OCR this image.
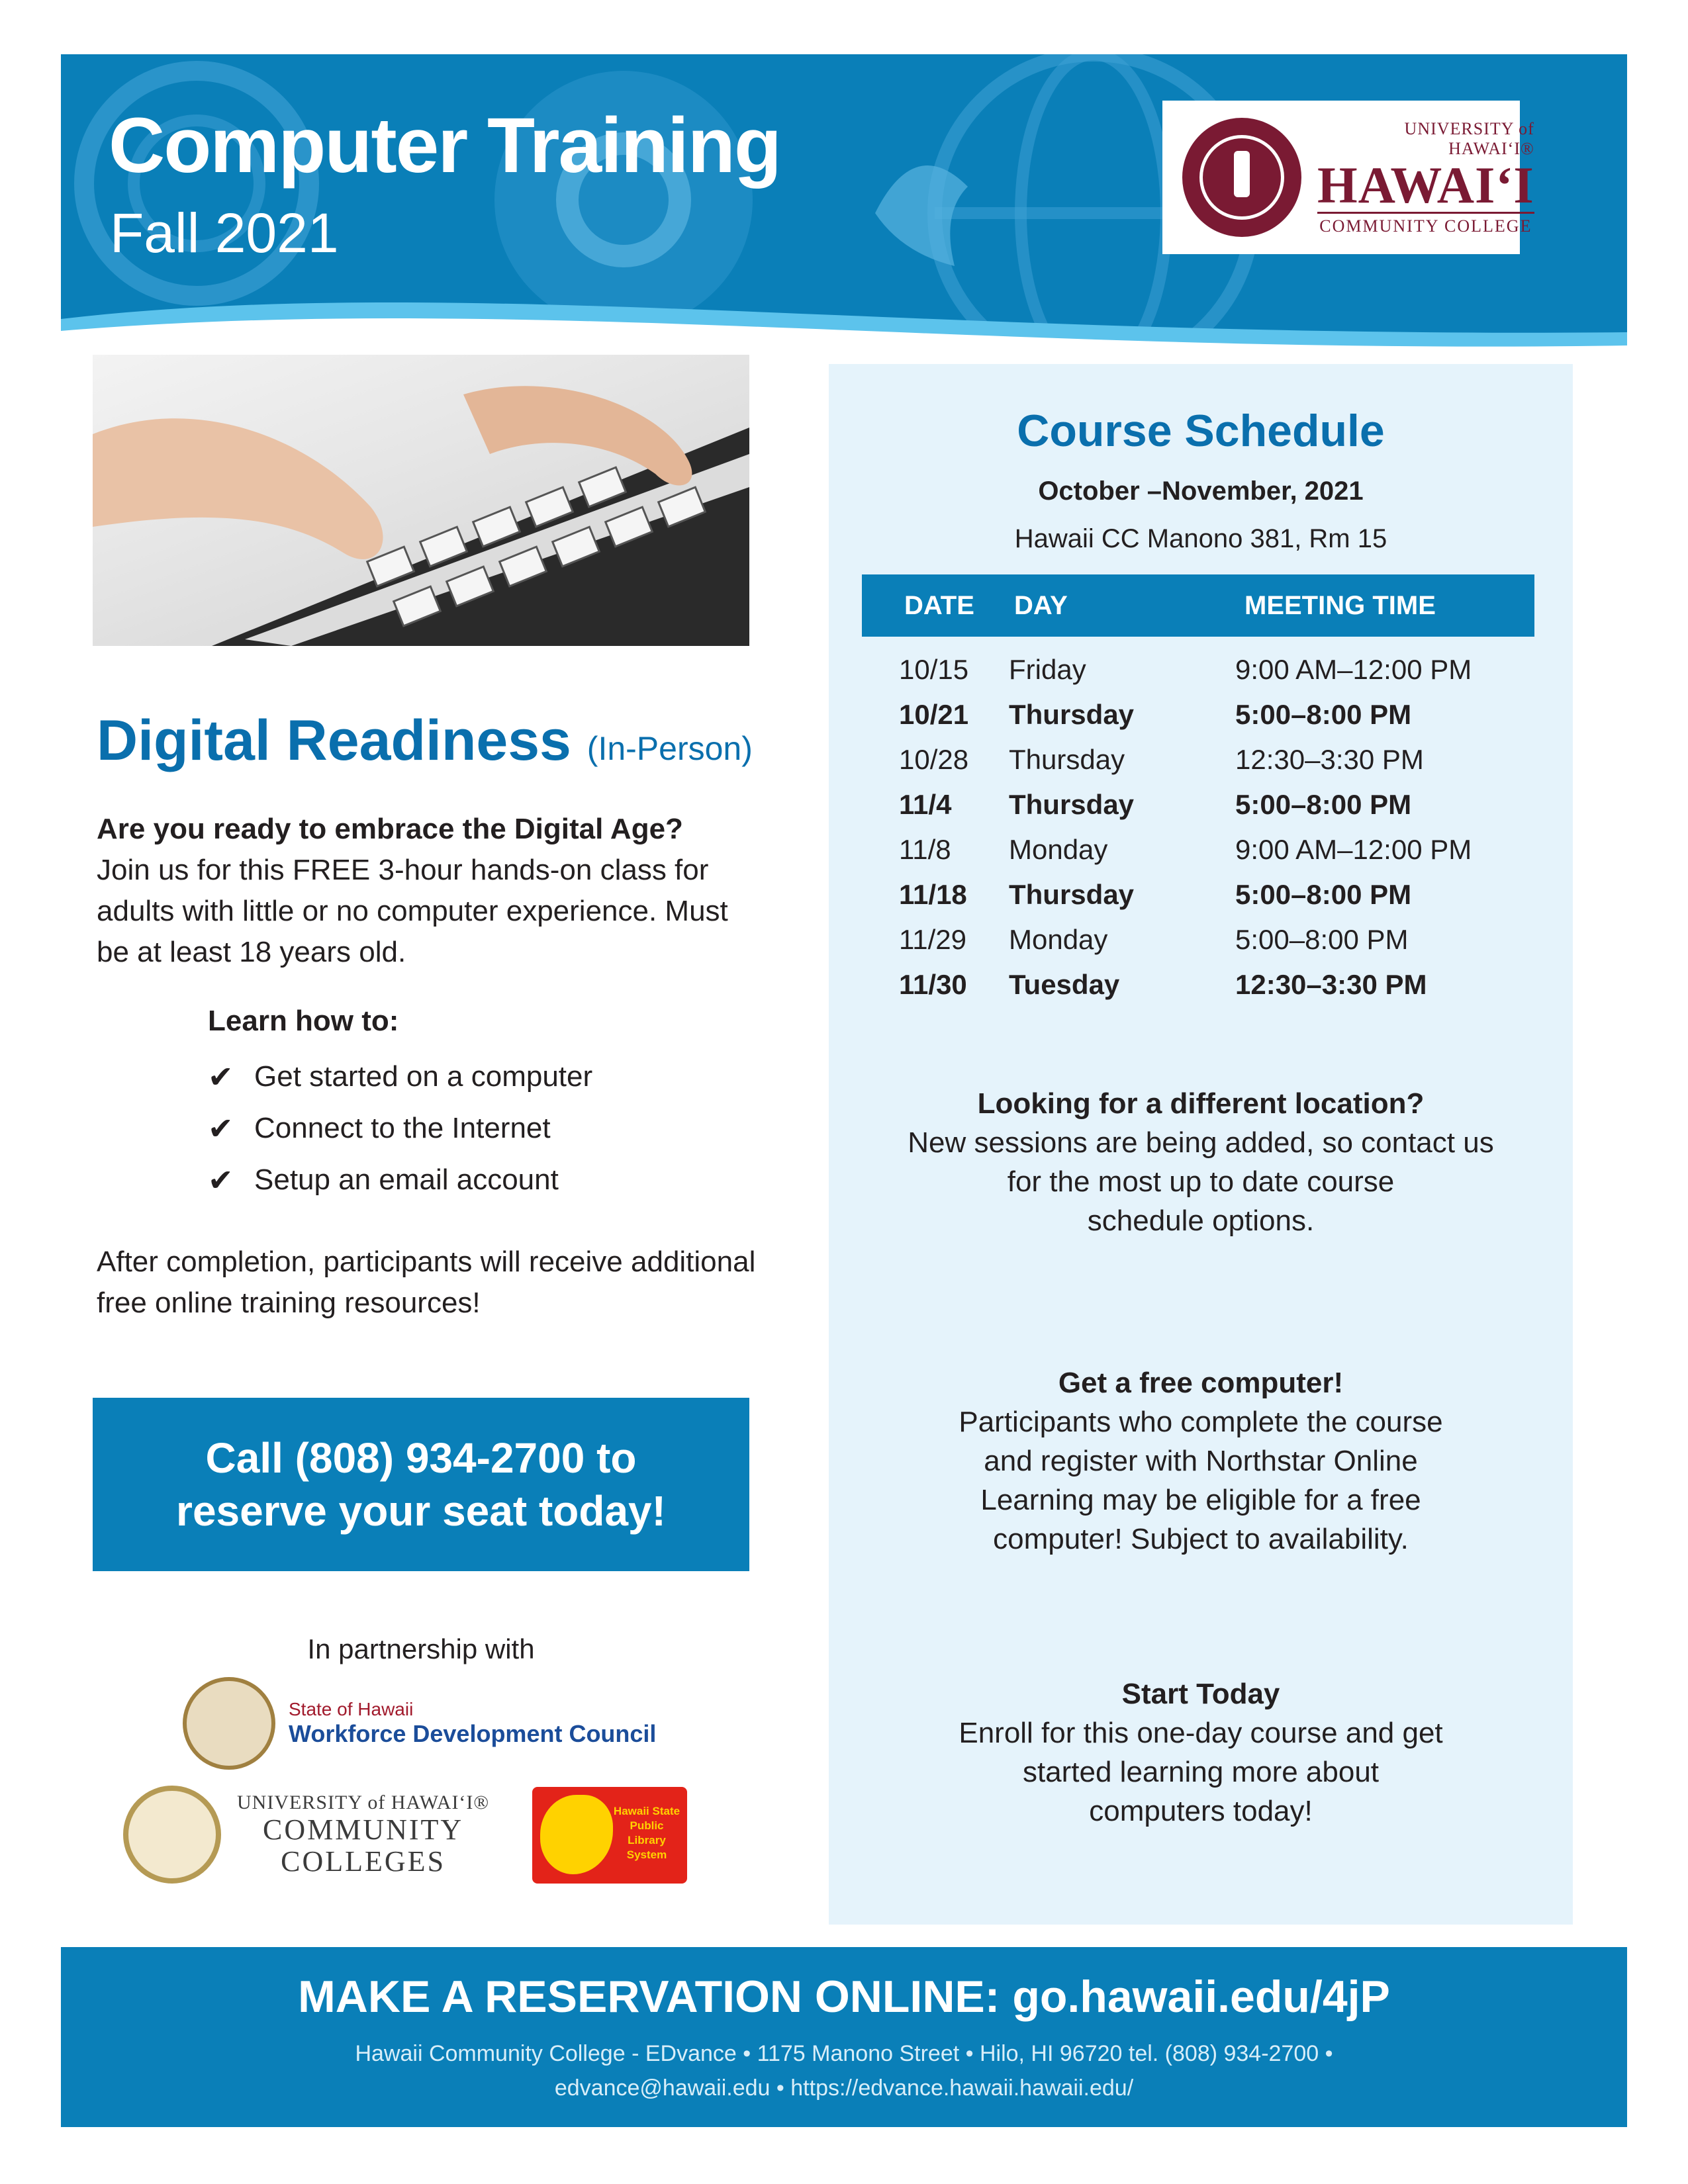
Computer Training
Fall 2021
UNIVERSITY of HAWAIʻI®
HAWAIʻI
COMMUNITY COLLEGE
Digital Readiness (In-Person)
Are you ready to embrace the Digital Age?
Join us for this FREE 3-hour hands-on class for adults with little or no computer experience. Must be at least 18 years old.
Learn how to:
✔ Get started on a computer
✔ Connect to the Internet
✔ Setup an email account
After completion, participants will receive additional free online training resources!
Call (808) 934-2700 to
reserve your seat today!
In partnership with
State of Hawaii
Workforce Development Council
UNIVERSITY of HAWAIʻI®
COMMUNITY
COLLEGES
Hawaii State Public Library System
Course Schedule
October –November, 2021
Hawaii CC Manono 381, Rm 15
DATE	DAY	MEETING TIME
10/15	Friday	9:00 AM–12:00 PM
10/21	Thursday	5:00–8:00 PM
10/28	Thursday	12:30–3:30 PM
11/4	Thursday	5:00–8:00 PM
11/8	Monday	9:00 AM–12:00 PM
11/18	Thursday	5:00–8:00 PM
11/29	Monday	5:00–8:00 PM
11/30	Tuesday	12:30–3:30 PM
Looking for a different location?
New sessions are being added, so contact us
for the most up to date course
schedule options.
Get a free computer!
Participants who complete the course
and register with Northstar Online
Learning may be eligible for a free
computer! Subject to availability.
Start Today
Enroll for this one-day course and get
started learning more about
computers today!
MAKE A RESERVATION ONLINE: go.hawaii.edu/4jP
Hawaii Community College - EDvance • 1175 Manono Street • Hilo, HI 96720 tel. (808) 934-2700 •
edvance@hawaii.edu • https://edvance.hawaii.hawaii.edu/
